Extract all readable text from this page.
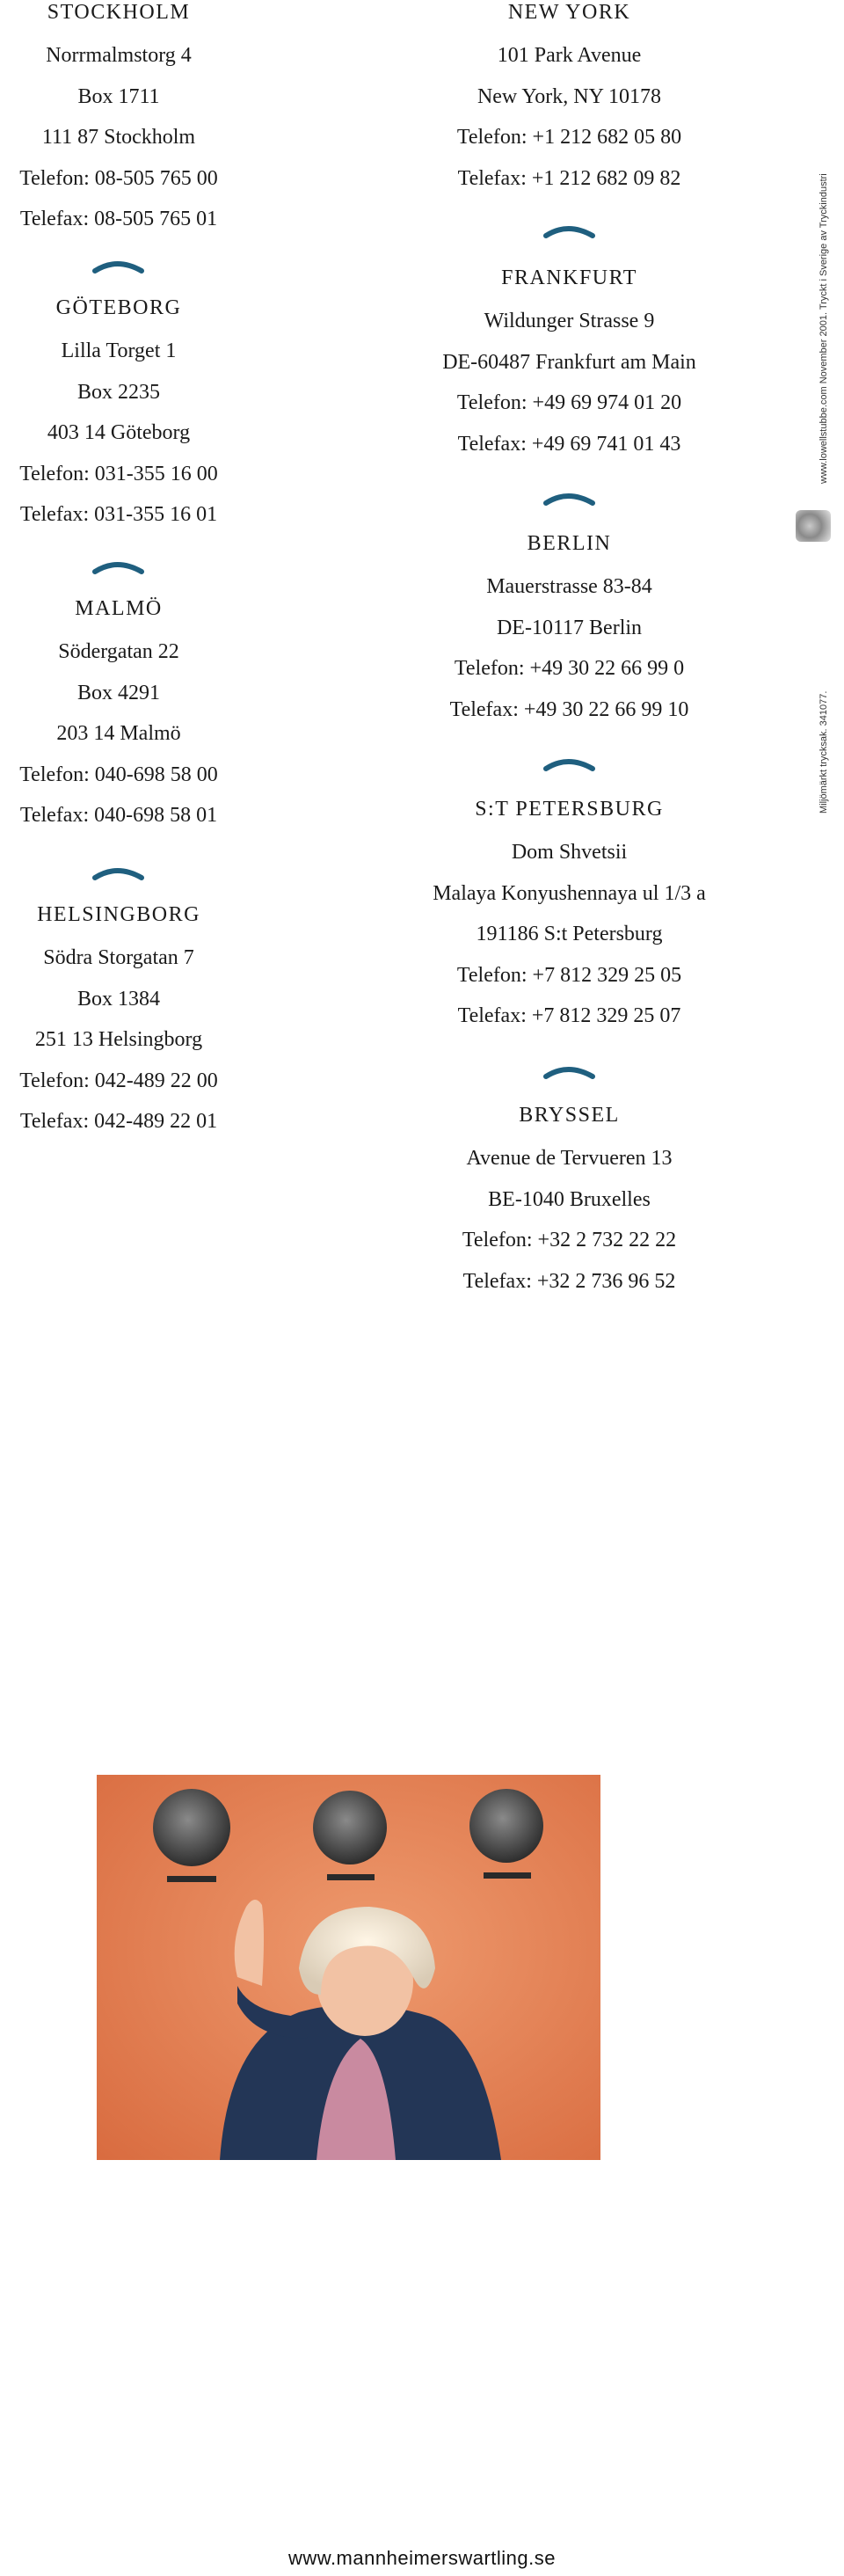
STOCKHOLM
Norrmalmstorg 4
Box 1711
111 87 Stockholm
Telefon: 08-505 765 00
Telefax: 08-505 765 01
GÖTEBORG
Lilla Torget 1
Box 2235
403 14 Göteborg
Telefon: 031-355 16 00
Telefax: 031-355 16 01
MALMÖ
Södergatan 22
Box 4291
203 14 Malmö
Telefon: 040-698 58 00
Telefax: 040-698 58 01
HELSINGBORG
Södra Storgatan 7
Box 1384
251 13 Helsingborg
Telefon: 042-489 22 00
Telefax: 042-489 22 01
NEW YORK
101 Park Avenue
New York, NY 10178
Telefon: +1 212 682 05 80
Telefax: +1 212 682 09 82
FRANKFURT
Wildunger Strasse 9
DE-60487 Frankfurt am Main
Telefon: +49 69 974 01 20
Telefax: +49 69 741 01 43
BERLIN
Mauerstrasse 83-84
DE-10117 Berlin
Telefon: +49 30 22 66 99 0
Telefax: +49 30 22 66 99 10
S:T PETERSBURG
Dom Shvetsii
Malaya Konyushennaya ul 1/3 a
191186 S:t Petersburg
Telefon: +7 812 329 25 05
Telefax: +7 812 329 25 07
BRYSSEL
Avenue de Tervueren 13
BE-1040 Bruxelles
Telefon: +32 2 732 22 22
Telefax: +32 2 736 96 52
www.lowellstubbe.com November 2001. Tryckt i Sverige av Tryckindustri
Miljömärkt trycksak. 341077.
www.mannheimerswartling.se
